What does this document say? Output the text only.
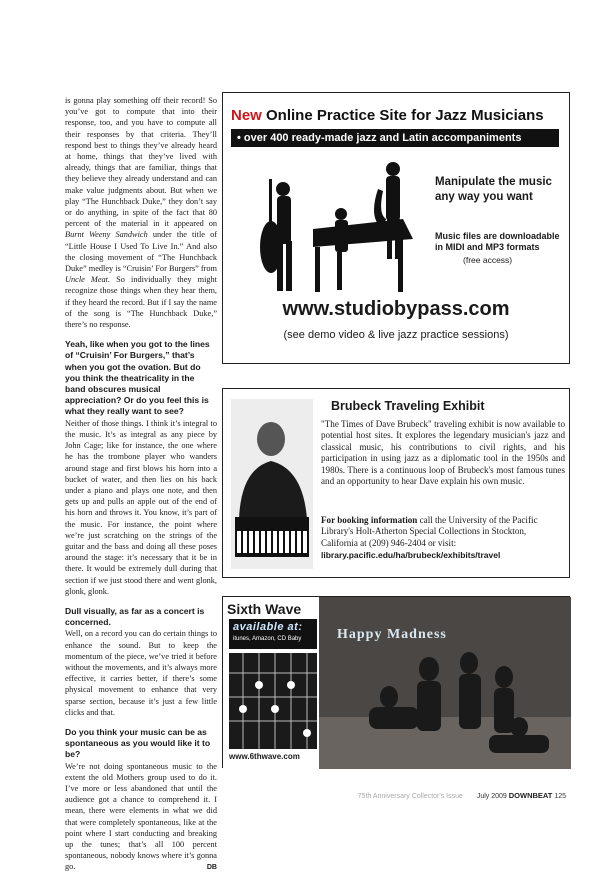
is gonna play something off their record! So you’ve got to compute that into their response, too, and you have to compute all their responses by that criteria. They’ll respond best to things they’ve already heard at home, things that they’ve lived with already, things that are familiar, things that they believe they already understand and can make value judgments about. But when we play “The Hunchback Duke,” they don’t say or do anything, in spite of the fact that 80 percent of the material in it appeared on Burnt Weeny Sandwich under the title of “Little House I Used To Live In.” And also the closing movement of “The Hunchback Duke” medley is “Cruisin’ For Burgers” from Uncle Meat. So individually they might recognize those things when they hear them, if they heard the record. But if I say the name of the song is “The Hunchback Duke,” there’s no response.

Yeah, like when you got to the lines of “Cruisin’ For Burgers,” that’s when you got the ovation. But do you think the theatricality in the band obscures musical appreciation? Or do you feel this is what they really want to see?

Neither of those things. I think it’s integral to the music. It’s as integral as any piece by John Cage; like for instance, the one where he has the trombone player who wanders around stage and first blows his horn into a bucket of water, and then lies on his back under a piano and plays one note, and then gets up and pulls an apple out of the end of his horn and throws it. You know, it’s part of the music. For instance, the point where we’re just scratching on the strings of the guitar and the bass and doing all these poses around the stage: it’s necessary that it be in there. It would be extremely dull during that section if we just stood there and went glonk, glonk, glonk.

Dull visually, as far as a concert is concerned.

Well, on a record you can do certain things to enhance the sound. But to keep the momentum of the piece, we’ve tried it before without the movements, and it’s always more effective, it carries better, if there’s some physical movement to enhance that very sparse section, because it’s just a few little clicks and that.

Do you think your music can be as spontaneous as you would like it to be?

We’re not doing spontaneous music to the extent the old Mothers group used to do it. I’ve more or less abandoned that until the audience got a chance to comprehend it. I mean, there were elements in what we did that were completely spontaneous, like at the point where I start conducting and breaking up the tunes; that’s all 100 percent spontaneous, nobody knows where it’s gonna go.	DB

New Online Practice Site for Jazz Musicians
• over 400 ready-made jazz and Latin accompaniments
Manipulate the music any way you want
Music files are downloadable in MIDI and MP3 formats
(free access)
www.studiobypass.com
(see demo video & live jazz practice sessions)
Brubeck Traveling Exhibit
"The Times of Dave Brubeck" traveling exhibit is now available to potential host sites. It explores the legendary musician's jazz and classical music, his contributions to civil rights, and his participation in using jazz as a diplomatic tool in the 1950s and 1980s. There is a continuous loop of Brubeck's most famous tunes and an opportunity to hear Dave explain his own music.
For booking information call the University of the Pacific Library's Holt-Atherton Special Collections in Stockton, California at (209) 946-2404 or visit:
library.pacific.edu/ha/brubeck/exhibits/travel
Sixth Wave
available at:
itunes, Amazon, CD Baby
www.6thwave.com
Happy Madness
75th Anniversary Collector's Issue July 2009 DOWNBEAT 125
